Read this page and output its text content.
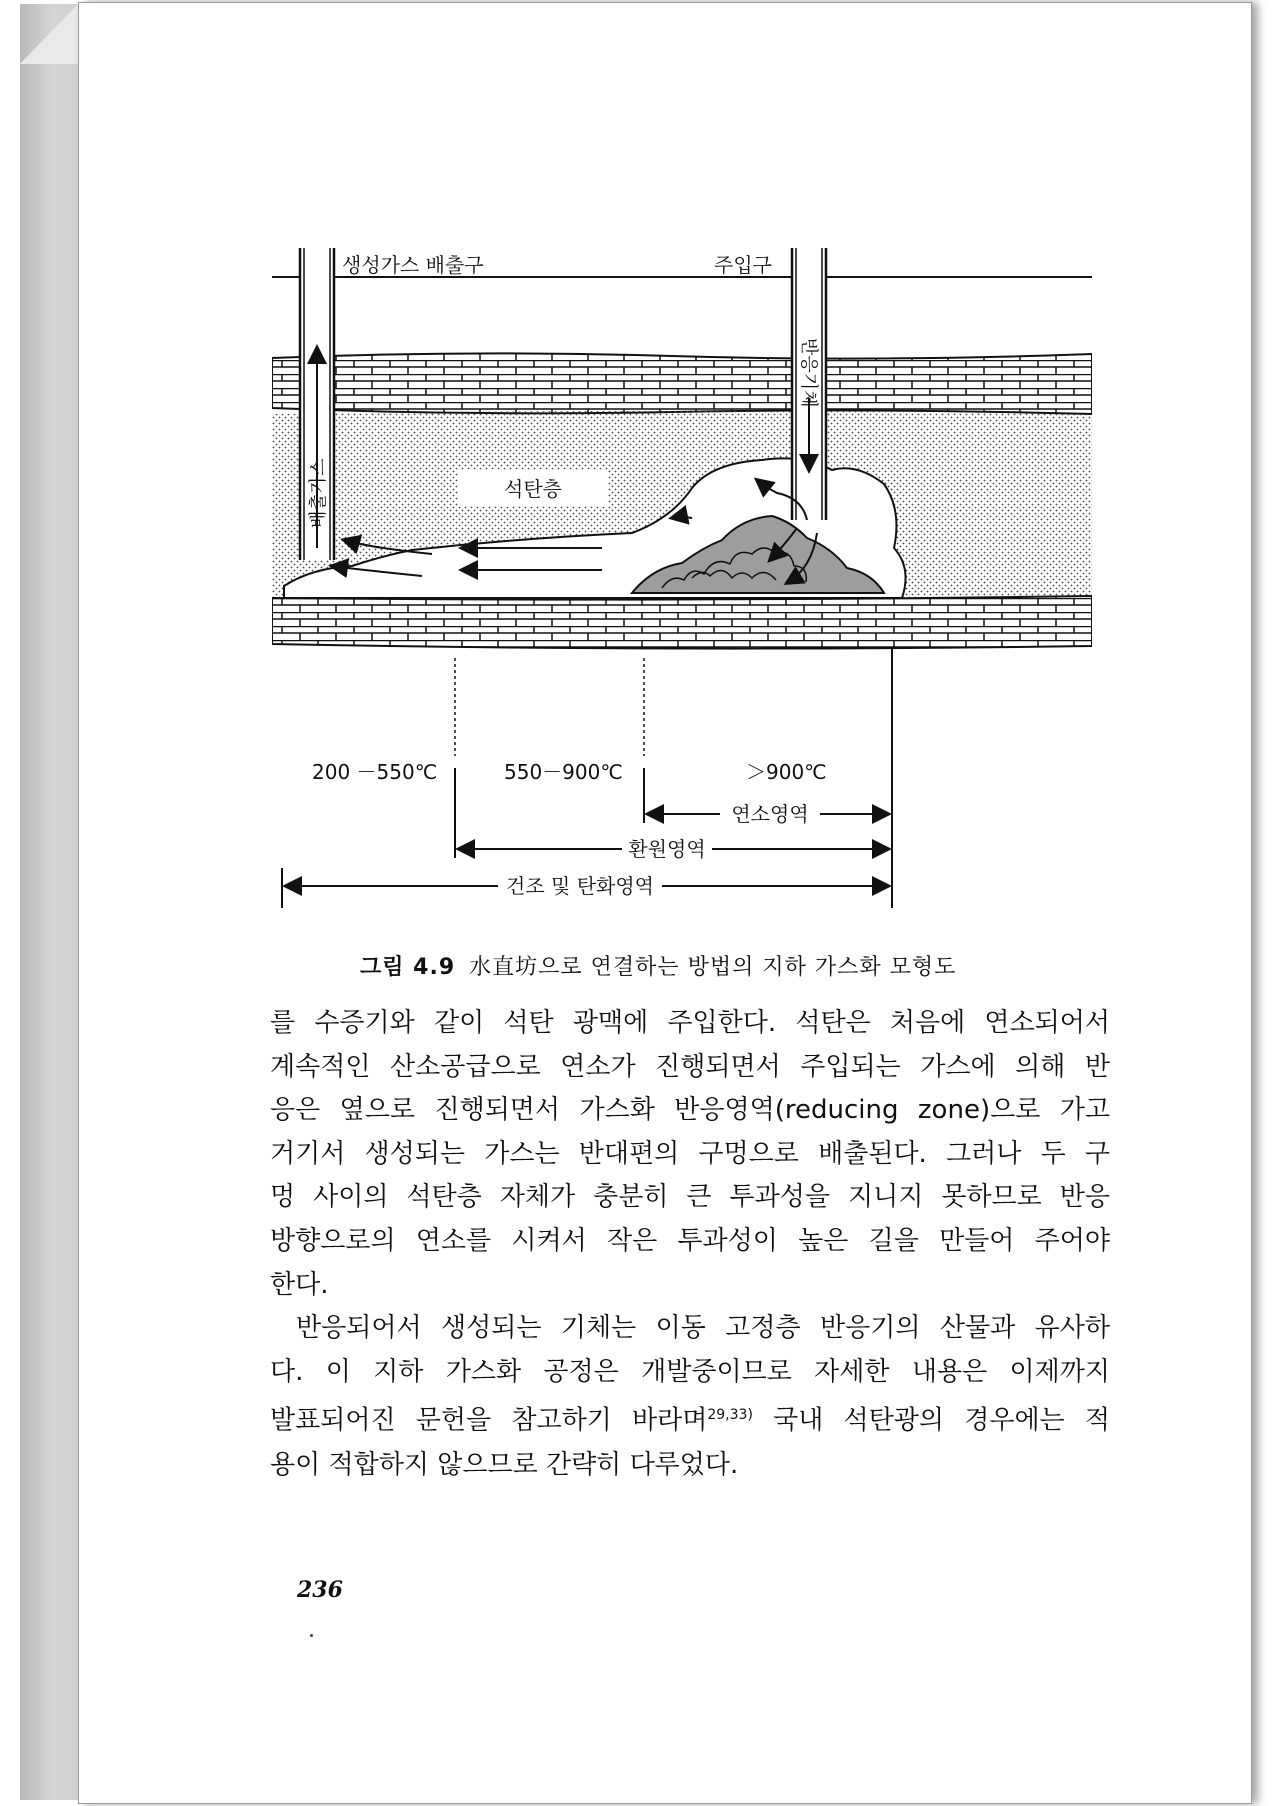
생성가스 배출구	주입구
석탄층
반응기체
배출가스
200 －550℃	550－900℃	＞900℃
연소영역
환원영역
건조 및 탄화영역
그림 4.9 水直坊으로 연결하는 방법의 지하 가스화 모형도
를 수증기와 같이 석탄 광맥에 주입한다. 석탄은 처음에 연소되어서
계속적인 산소공급으로 연소가 진행되면서 주입되는 가스에 의해 반
응은 옆으로 진행되면서 가스화 반응영역(reducing zone)으로 가고
거기서 생성되는 가스는 반대편의 구멍으로 배출된다. 그러나 두 구
멍 사이의 석탄층 자체가 충분히 큰 투과성을 지니지 못하므로 반응
방향으로의 연소를 시켜서 작은 투과성이 높은 길을 만들어 주어야
한다.
반응되어서 생성되는 기체는 이동 고정층 반응기의 산물과 유사하
다. 이 지하 가스화 공정은 개발중이므로 자세한 내용은 이제까지
발표되어진 문헌을 참고하기 바라며$^{29,33)}$ 국내 석탄광의 경우에는 적
용이 적합하지 않으므로 간략히 다루었다.
236
